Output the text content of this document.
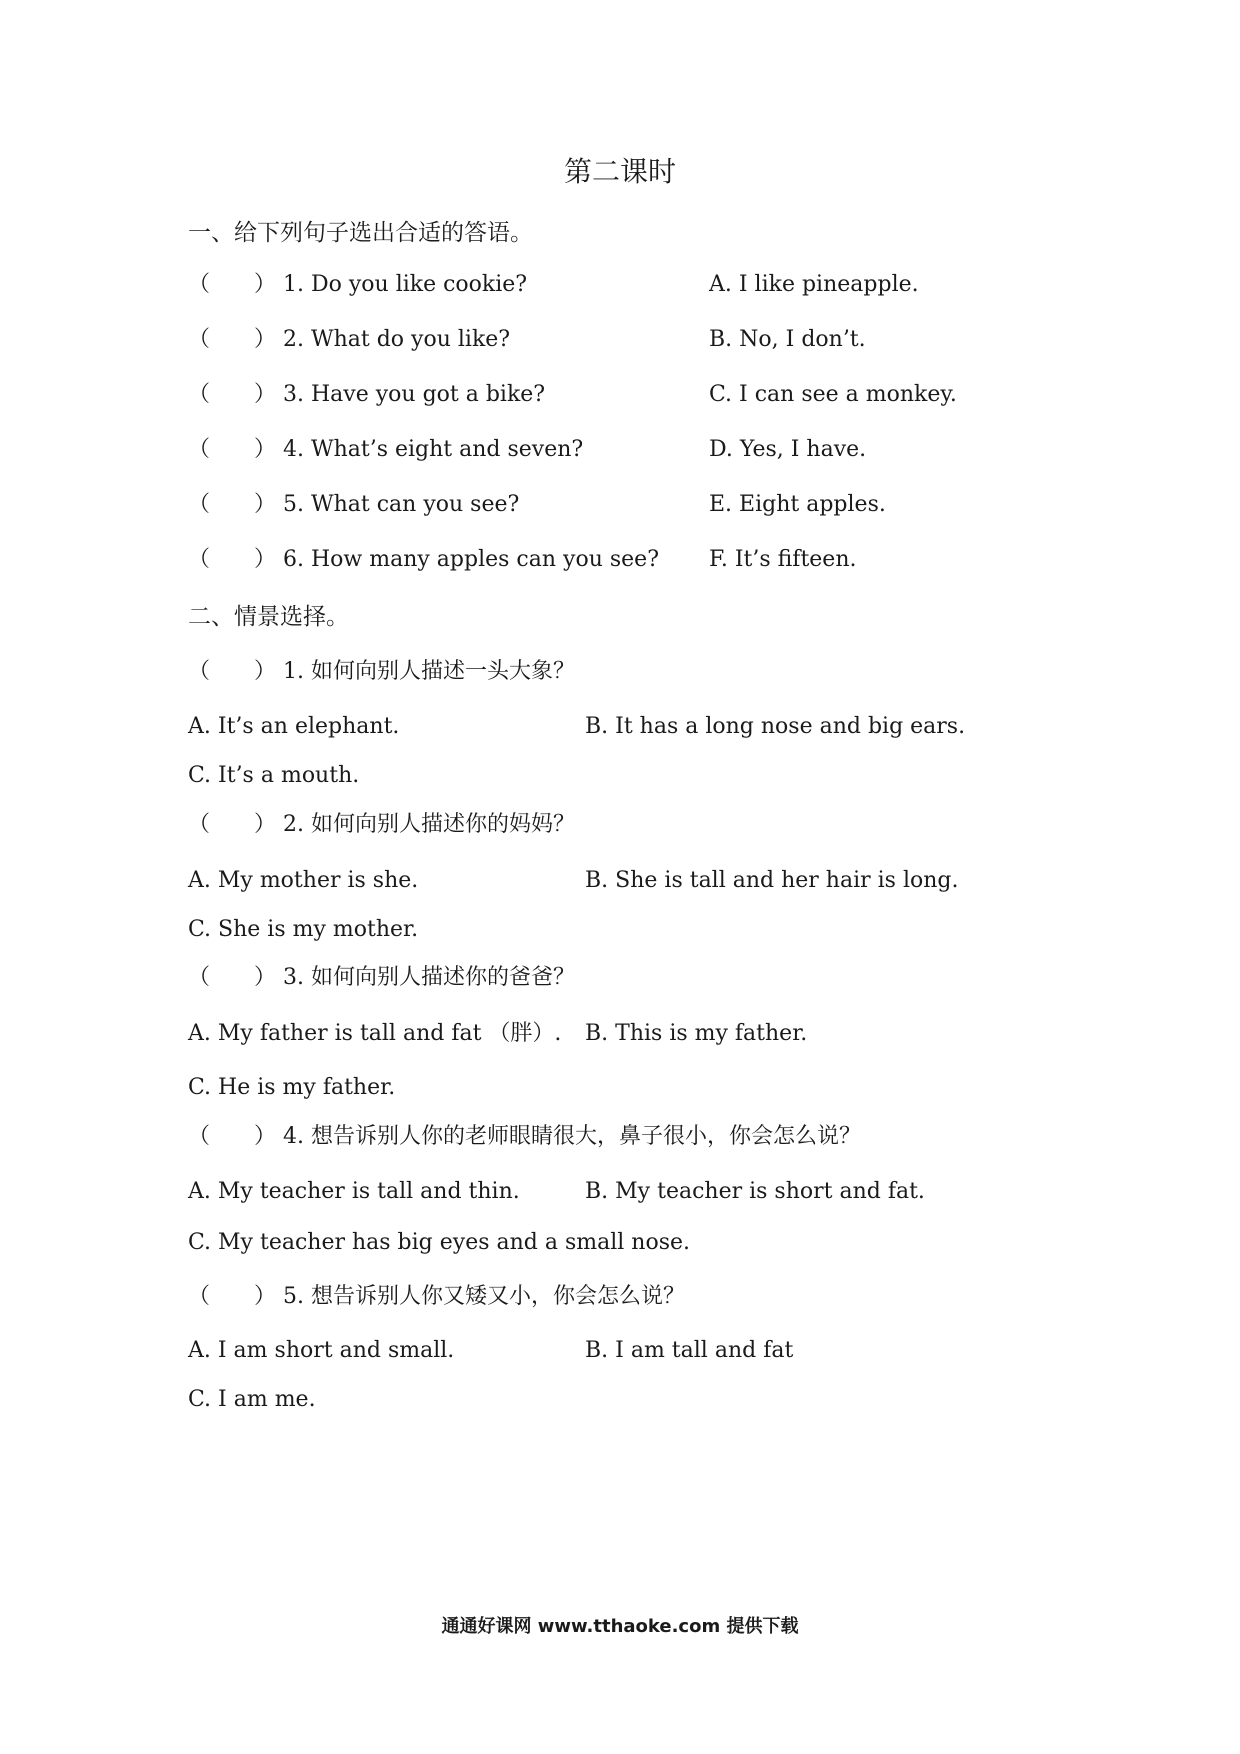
第二课时
一、给下列句子选出合适的答语。
（　　） 1. Do you like cookie?	A. I like pineapple.
（　　） 2. What do you like?	B. No, I don’t.
（　　） 3. Have you got a bike?	C. I can see a monkey.
（　　） 4. What’s eight and seven?	D. Yes, I have.
（　　） 5. What can you see?	E. Eight apples.
（　　） 6. How many apples can you see? F. It’s fifteen.
二、情景选择。
（　　） 1. 如何向别人描述一头大象？
A. It’s an elephant.	B. It has a long nose and big ears.
C. It’s a mouth.
（　　） 2. 如何向别人描述你的妈妈？
A. My mother is she.	B. She is tall and her hair is long.
C. She is my mother.
（　　） 3. 如何向别人描述你的爸爸？
A. My father is tall and fat （胖）. B. This is my father.
C. He is my father.
（　　） 4. 想告诉别人你的老师眼睛很大，鼻子很小，你会怎么说？
A. My teacher is tall and thin.	B. My teacher is short and fat.
C. My teacher has big eyes and a small nose.
（　　） 5. 想告诉别人你又矮又小，你会怎么说？
A. I am short and small.	B. I am tall and fat
C. I am me.
通通好课网 www.tthaoke.com 提供下载
